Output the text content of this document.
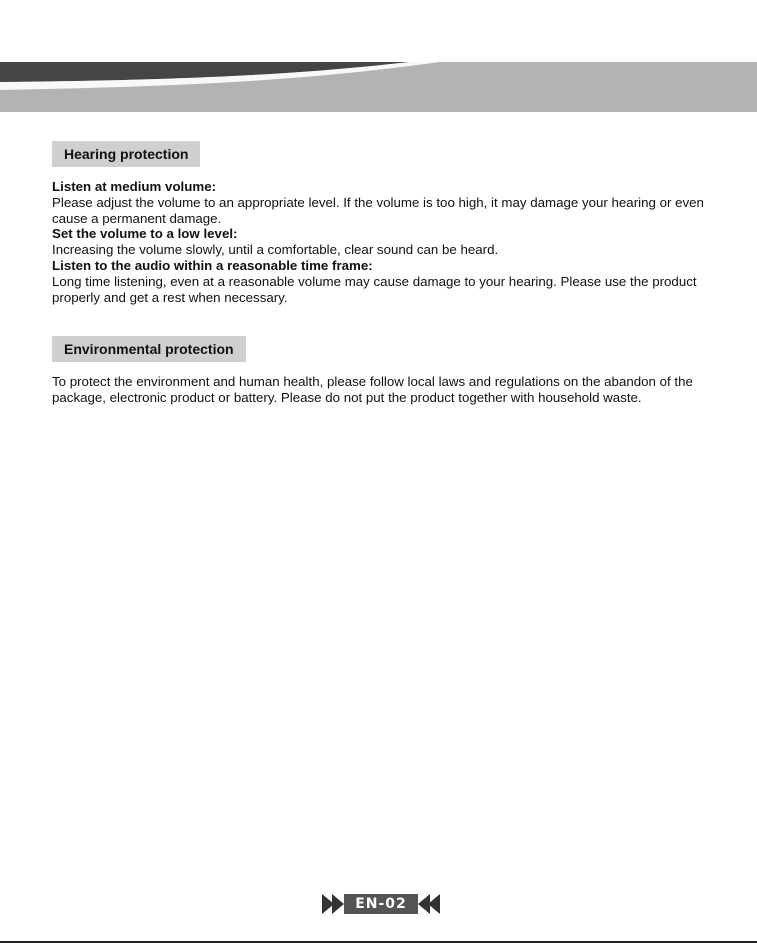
Hearing protection

Listen at medium volume:

Please adjust the volume to an appropriate level. If the volume is too high, it may damage your hearing or even cause a permanent damage.

Set the volume to a low level:

Increasing the volume slowly, until a comfortable, clear sound can be heard.

Listen to the audio within a reasonable time frame:

Long time listening, even at a reasonable volume may cause damage to your hearing. Please use the product properly and get a rest when necessary.

Environmental protection

To protect the environment and human health, please follow local laws and regulations on the abandon of the package, electronic product or battery. Please do not put the product together with household waste.

EN-02
